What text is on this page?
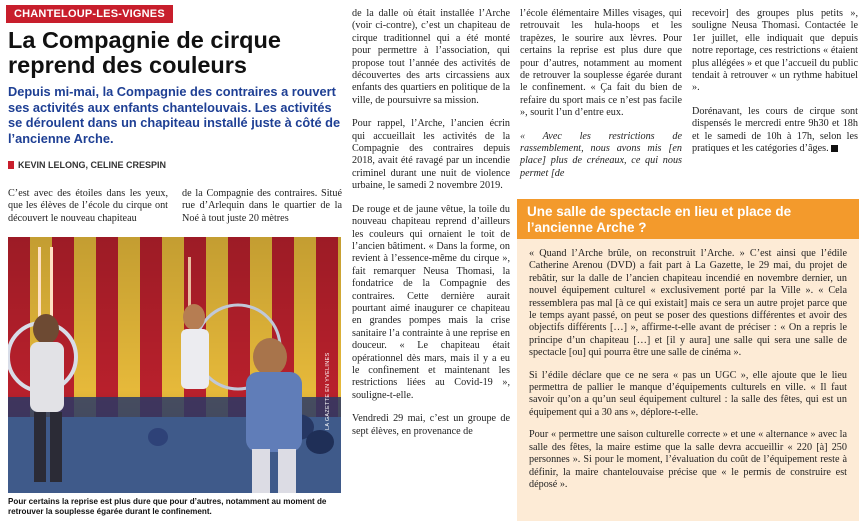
CHANTELOUP-LES-VIGNES
La Compagnie de cirque reprend des couleurs

Depuis mi-mai, la Compagnie des contraires a rouvert ses activités aux enfants chantelouvais. Les activités se déroulent dans un chapiteau installé juste à côté de l’ancienne Arche.

KEVIN LELONG, CELINE CRESPIN

C’est avec des étoiles dans les yeux, que les élèves de l’école du cirque ont découvert le nouveau chapiteau

de la Compagnie des contraires. Situé rue d’Arlequin dans le quartier de la Noé à tout juste 20 mètres

LA GAZETTE EN YVELINES
Pour certains la reprise est plus dure que pour d’autres, notamment au moment de retrouver la souplesse égarée durant le confinement.

de la dalle où était installée l’Arche (voir ci-contre), c’est un chapiteau de cirque traditionnel qui a été monté pour permettre à l’association, qui propose tout l’année des activités de découvertes des arts circassiens aux enfants des quartiers en politique de la ville, de poursuivre sa mission.

Pour rappel, l’Arche, l’ancien écrin qui accueillait les activités de la Compagnie des contraires depuis 2018, avait été ravagé par un incendie criminel durant une nuit de violence urbaine, le samedi 2 novembre 2019.

De rouge et de jaune vêtue, la toile du nouveau chapiteau reprend d’ailleurs les couleurs qui ornaient le toit de l’ancien bâtiment. « Dans la forme, on revient à l’essence-même du cirque », fait remarquer Neusa Thomasi, la fondatrice de la Compagnie des contraires. Cette dernière aurait pourtant aimé inaugurer ce chapiteau en grandes pompes mais la crise sanitaire l’a contrainte à une reprise en douceur. « Le chapiteau était opérationnel dès mars, mais il y a eu le confinement et maintenant les restrictions liées au Covid-19 », souligne-t-elle.

Vendredi 29 mai, c’est un groupe de sept élèves, en provenance de

l’école élémentaire Milles visages, qui retrouvait les hula-hoops et les trapèzes, le sourire aux lèvres. Pour certains la reprise est plus dure que pour d’autres, notamment au moment de retrouver la souplesse égarée durant le confinement. « Ça fait du bien de refaire du sport mais ce n’est pas facile », sourit l’un d’entre eux.

« Avec les restrictions de rassemblement, nous avons mis [en place] plus de créneaux, ce qui nous permet [de

recevoir] des groupes plus petits », souligne Neusa Thomasi. Contactée le 1er juillet, elle indiquait que depuis notre reportage, ces restrictions « étaient plus allégées » et que l’accueil du public tendait à retrouver « un rythme habituel ».

Dorénavant, les cours de cirque sont dispensés le mercredi entre 9h30 et 18h et le samedi de 10h à 17h, selon les pratiques et les catégories d’âges.

Une salle de spectacle en lieu et place de l’ancienne Arche ?

« Quand l’Arche brûle, on reconstruit l’Arche. » C’est ainsi que l’édile Catherine Arenou (DVD) a fait part à La Gazette, le 29 mai, du projet de rebâtir, sur la dalle de l’ancien chapiteau incendié en novembre dernier, un nouvel équipement culturel « exclusivement porté par la Ville ». « Cela ressemblera pas mal [à ce qui existait] mais ce sera un autre projet parce que le temps ayant passé, on peut se poser des questions différentes et avoir des objectifs différents […] », affirme-t-elle avant de préciser : « On a repris le principe d’un chapiteau […] et [il y aura] une salle qui sera une salle de spectacle [ou] qui pourra être une salle de cinéma ».

Si l’édile déclare que ce ne sera « pas un UGC », elle ajoute que le lieu permettra de pallier le manque d’équipements culturels en ville. « Il faut savoir qu’on a qu’un seul équipement culturel : la salle des fêtes, qui est un équipement qui a 30 ans », déplore-t-elle.

Pour « permettre une saison culturelle correcte » et une « alternance » avec la salle des fêtes, la maire estime que la salle devra accueillir « 220 [à] 250 personnes ». Si pour le moment, l’évaluation du coût de l’équipement reste à définir, la maire chantelouvaise précise que « le permis de construire est déposé ».
